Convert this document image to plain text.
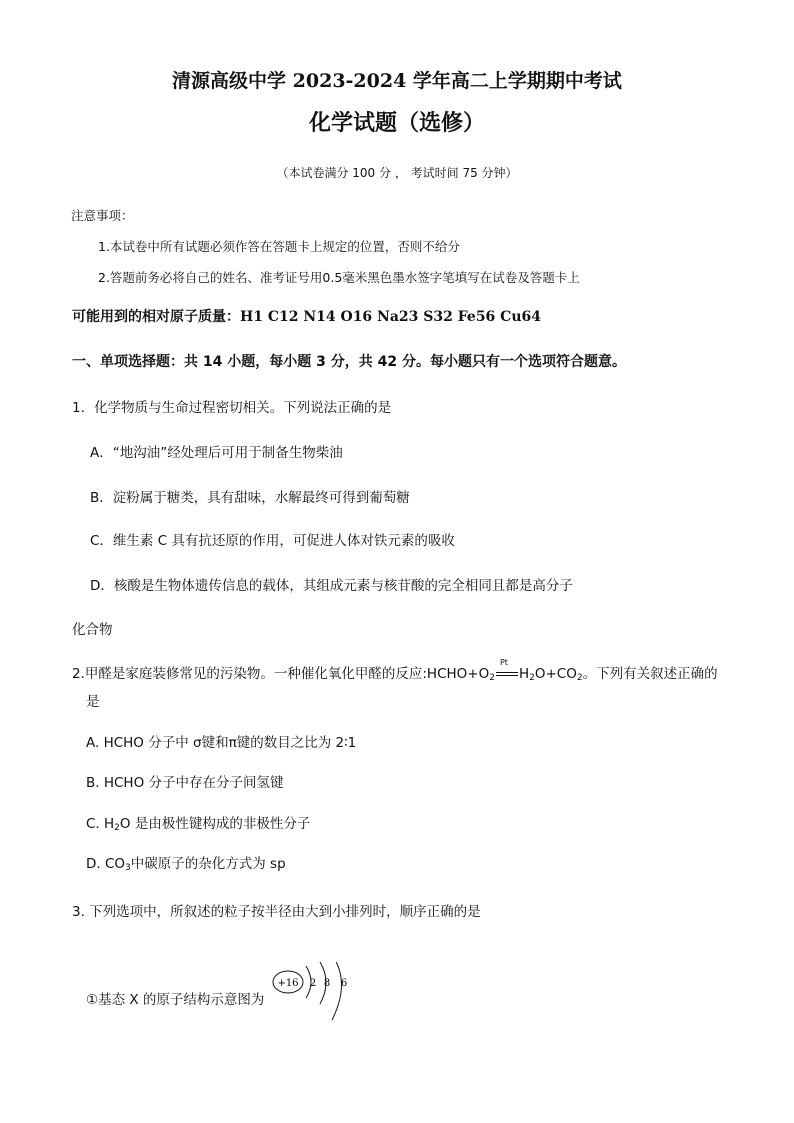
清源高级中学 2023-2024 学年高二上学期期中考试
化学试题（选修）
（本试卷满分 100 分 ， 考试时间 75 分钟）
注意事项：
1.本试卷中所有试题必须作答在答题卡上规定的位置，否则不给分
2.答题前务必将自己的姓名、准考证号用0.5毫米黑色墨水签字笔填写在试卷及答题卡上
可能用到的相对原子质量：H1 C12 N14 O16 Na23 S32 Fe56 Cu64
一、单项选择题：共 14 小题，每小题 3 分，共 42 分。每小题只有一个选项符合题意。
1．化学物质与生命过程密切相关。下列说法正确的是
A．“地沟油”经处理后可用于制备生物柴油
B．淀粉属于糖类，具有甜味，水解最终可得到葡萄糖
C．维生素 C 具有抗还原的作用，可促进人体对铁元素的吸收
D．核酸是生物体遗传信息的载体，其组成元素与核苷酸的完全相同且都是高分子
化合物
2.甲醛是家庭装修常见的污染物。一种催化氧化甲醛的反应$:HCHO+O_2$
Pt
$H_2O+CO_2$。下列有关叙述正确的
是
A. HCHO 分子中 σ键和π键的数目之比为 2∶1
B. HCHO 分子中存在分子间氢键
C. $H_2O$ 是由极性键构成的非极性分子
D. $CO_3$中碳原子的杂化方式为 sp
3. 下列选项中，所叙述的粒子按半径由大到小排列时，顺序正确的是
①基态 X 的原子结构示意图为
+16 2 8 6
